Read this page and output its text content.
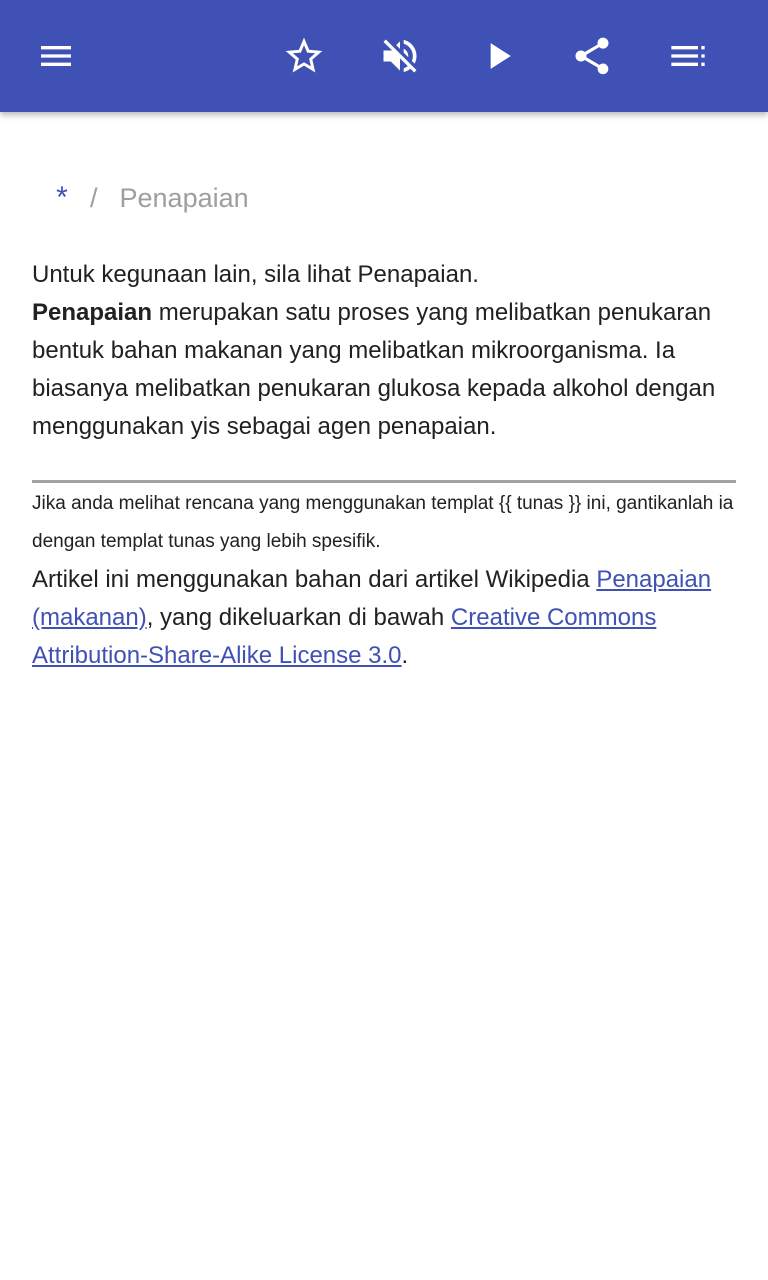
* / Penapaian

Untuk kegunaan lain, sila lihat Penapaian.

Penapaian merupakan satu proses yang melibatkan penukaran bentuk bahan makanan yang melibatkan mikroorganisma. Ia biasanya melibatkan penukaran glukosa kepada alkohol dengan menggunakan yis sebagai agen penapaian.

Jika anda melihat rencana yang menggunakan templat {{ tunas }} ini, gantikanlah ia dengan templat tunas yang lebih spesifik.

Artikel ini menggunakan bahan dari artikel Wikipedia Penapaian (makanan), yang dikeluarkan di bawah Creative Commons Attribution-Share-Alike License 3.0.
